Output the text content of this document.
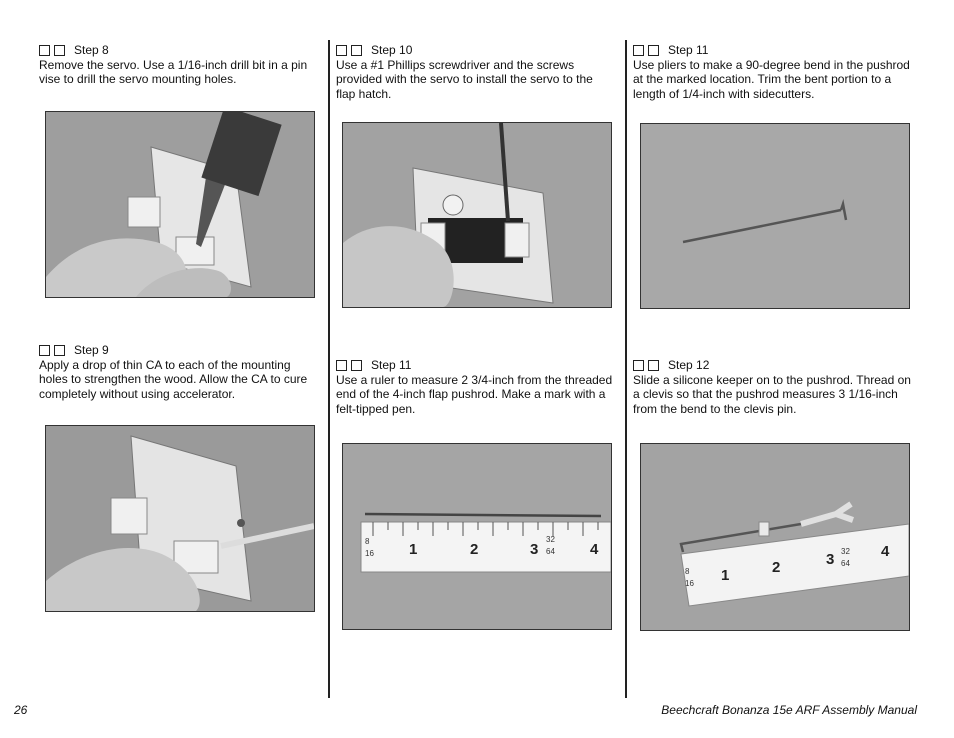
Step 8
Remove the servo. Use a 1/16-inch drill bit in a pin vise to drill the servo mounting holes.
Step 9
Apply a drop of thin CA to each of the mounting holes to strengthen the wood. Allow the CA to cure completely without using accelerator.
Step 10
Use a #1 Phillips screwdriver and the screws provided with the servo to install the servo to the flap hatch.
Step 11
Use a ruler to measure 2 3/4-inch from the threaded end of the 4-inch flap pushrod. Make a mark with a felt-tipped pen.
8
16
32
64
1	2	3	4
Step 11
Use pliers to make a 90-degree bend in the pushrod at the marked location. Trim the bent portion to a length of 1/4-inch with sidecutters.
Step 12
Slide a silicone keeper on to the pushrod. Thread on a clevis so that the pushrod measures 3 1/16-inch from the bend to the clevis pin.
8
16
32
64
1	2	3	4
26	Beechcraft Bonanza 15e ARF Assembly Manual
